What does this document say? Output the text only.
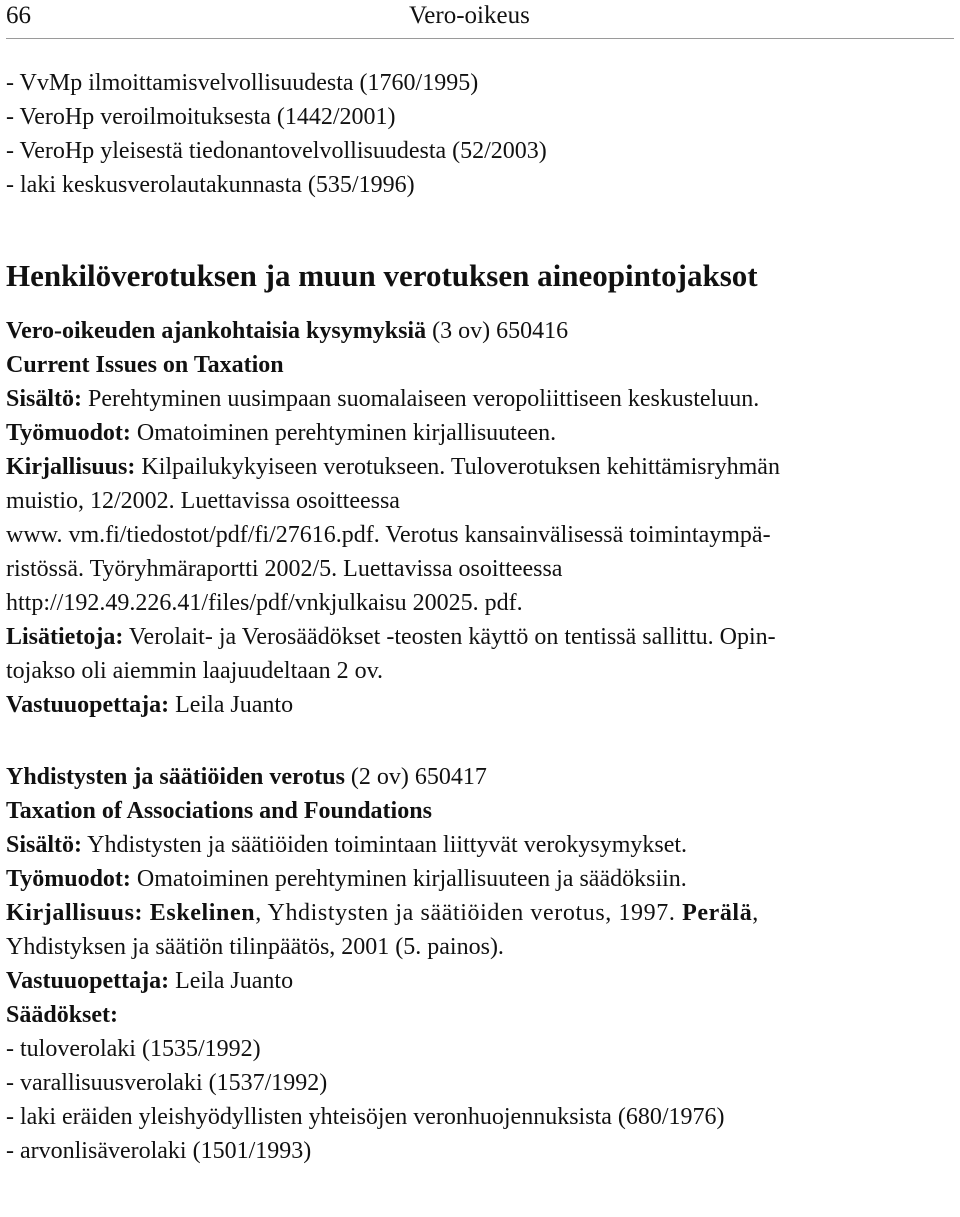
66	Vero-oikeus
- VvMp ilmoittamisvelvollisuudesta (1760/1995)
- VeroHp veroilmoituksesta (1442/2001)
- VeroHp yleisestä tiedonantovelvollisuudesta (52/2003)
- laki keskusverolautakunnasta (535/1996)
Henkilöverotuksen ja muun verotuksen aineopintojaksot
Vero-oikeuden ajankohtaisia kysymyksiä (3 ov) 650416
Current Issues on Taxation
Sisältö: Perehtyminen uusimpaan suomalaiseen veropoliittiseen keskusteluun.
Työmuodot: Omatoiminen perehtyminen kirjallisuuteen.
Kirjallisuus: Kilpailukykyiseen verotukseen. Tuloverotuksen kehittämisryhmän
muistio, 12/2002. Luettavissa osoitteessa
www. vm.fi/tiedostot/pdf/fi/27616.pdf. Verotus kansainvälisessä toimintaympä-
ristössä. Työryhmäraportti 2002/5. Luettavissa osoitteessa
http://192.49.226.41/files/pdf/vnkjulkaisu 20025. pdf.
Lisätietoja: Verolait- ja Verosäädökset -teosten käyttö on tentissä sallittu. Opin-
tojakso oli aiemmin laajuudeltaan 2 ov.
Vastuuopettaja: Leila Juanto
Yhdistysten ja säätiöiden verotus (2 ov) 650417
Taxation of Associations and Foundations
Sisältö: Yhdistysten ja säätiöiden toimintaan liittyvät verokysymykset.
Työmuodot: Omatoiminen perehtyminen kirjallisuuteen ja säädöksiin.
Kirjallisuus: Eskelinen, Yhdistysten ja säätiöiden verotus, 1997. Perälä,
Yhdistyksen ja säätiön tilinpäätös, 2001 (5. painos).
Vastuuopettaja: Leila Juanto
Säädökset:
- tuloverolaki (1535/1992)
- varallisuusverolaki (1537/1992)
- laki eräiden yleishyödyllisten yhteisöjen veronhuojennuksista (680/1976)
- arvonlisäverolaki (1501/1993)
